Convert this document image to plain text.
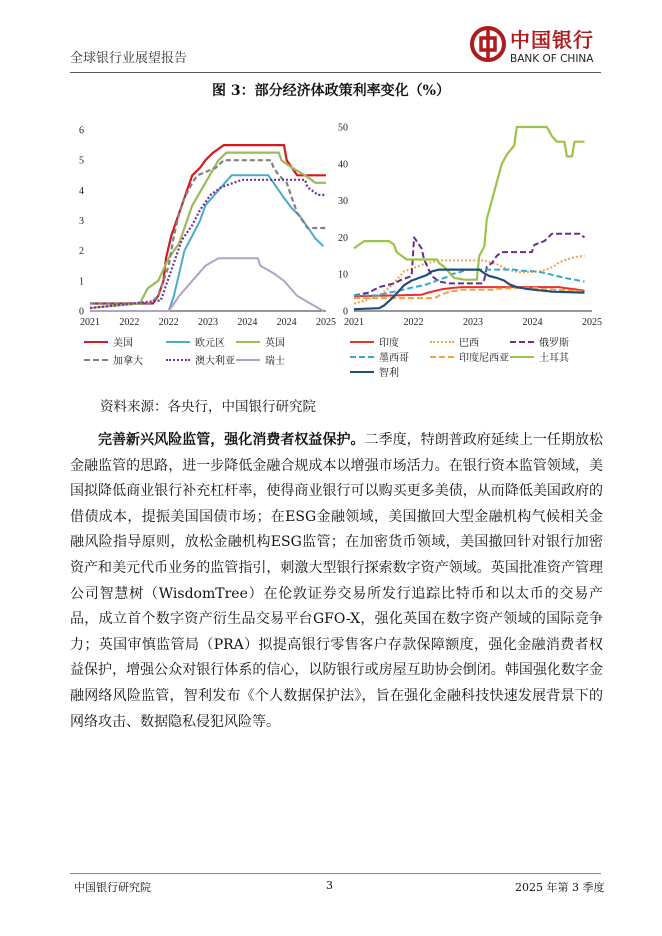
全球银行业展望报告
中国银行
BANK OF CHINA
图 3：部分经济体政策利率变化（%）
0
1
2
3
4
5
6
2021 2022 2022 2023 2024 2024 2025
0
10
20
30
40
50
2021	2022	2023	2024	2025
美国	欧元区	英国
加拿大	澳大利亚	瑞士
印度	巴西	俄罗斯
墨西哥	印度尼西亚	土耳其
智利
资料来源：各央行，中国银行研究院

完善新兴风险监管，强化消费者权益保护。二季度，特朗普政府延续上一任期放松金融监管的思路，进一步降低金融合规成本以增强市场活力。在银行资本监管领域，美国拟降低商业银行补充杠杆率，使得商业银行可以购买更多美债，从而降低美国政府的借债成本，提振美国国债市场；在ESG金融领域，美国撤回大型金融机构气候相关金融风险指导原则，放松金融机构ESG监管；在加密货币领域，美国撤回针对银行加密资产和美元代币业务的监管指引，刺激大型银行探索数字资产领域。英国批准资产管理公司智慧树（WisdomTree）在伦敦证券交易所发行追踪比特币和以太币的交易产品，成立首个数字资产衍生品交易平台GFO-X，强化英国在数字资产领域的国际竞争力；英国审慎监管局（PRA）拟提高银行零售客户存款保障额度，强化金融消费者权益保护，增强公众对银行体系的信心，以防银行或房屋互助协会倒闭。韩国强化数字金融网络风险监管，智利发布《个人数据保护法》，旨在强化金融科技快速发展背景下的网络攻击、数据隐私侵犯风险等。

中国银行研究院	3	2025 年第 3 季度
